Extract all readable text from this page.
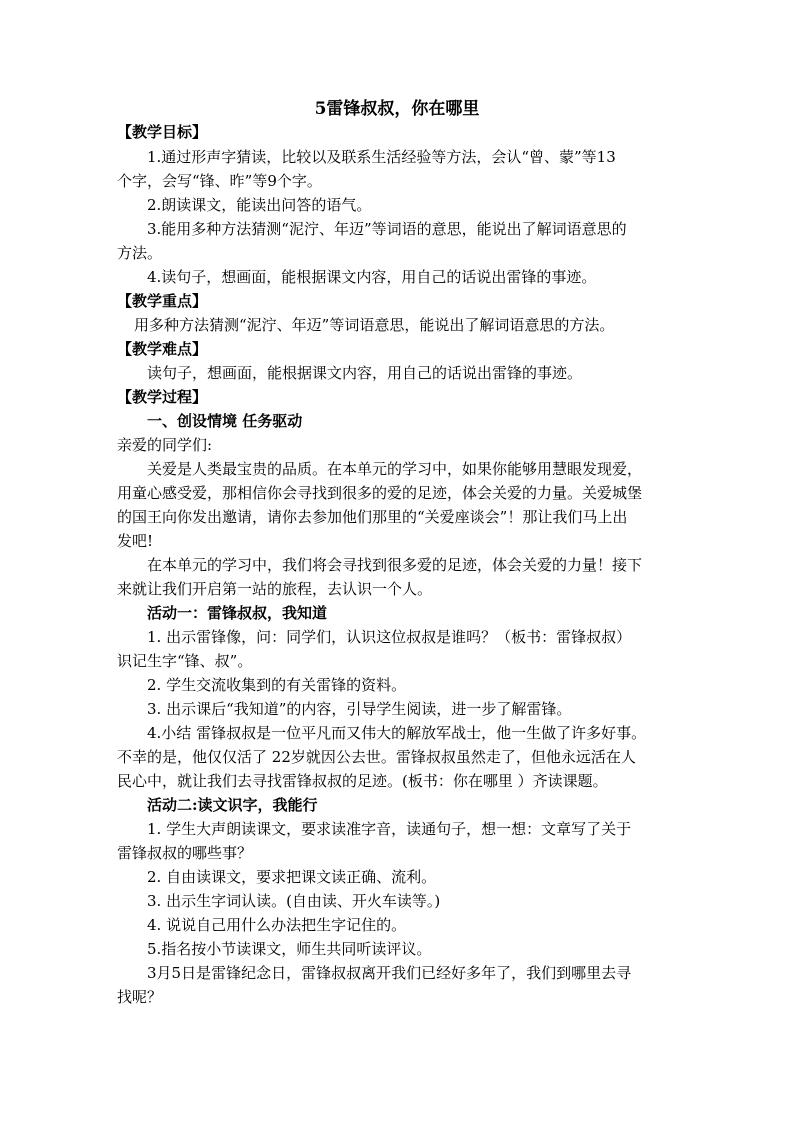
5雷锋叔叔，你在哪里
【教学目标】
1.通过形声字猜读，比较以及联系生活经验等方法，会认“曾、蒙”等13
个字，会写“锋、昨”等9个字。
2.朗读课文，能读出问答的语气。
3.能用多种方法猜测“泥泞、年迈”等词语的意思，能说出了解词语意思的
方法。
4.读句子，想画面，能根据课文内容，用自己的话说出雷锋的事迹。
【教学重点】
用多种方法猜测“泥泞、年迈”等词语意思，能说出了解词语意思的方法。
【教学难点】
读句子，想画面，能根据课文内容，用自己的话说出雷锋的事迹。
【教学过程】
一、创设情境 任务驱动
亲爱的同学们:
关爱是人类最宝贵的品质。在本单元的学习中，如果你能够用慧眼发现爱，
用童心感受爱，那相信你会寻找到很多的爱的足迹，体会关爱的力量。关爱城堡
的国王向你发出邀请，请你去参加他们那里的“关爱座谈会”！那让我们马上出
发吧!
在本单元的学习中，我们将会寻找到很多爱的足迹，体会关爱的力量！接下
来就让我们开启第一站的旅程，去认识一个人。
活动一：雷锋叔叔，我知道
1. 出示雷锋像，问：同学们，认识这位叔叔是谁吗？（板书：雷锋叔叔）
识记生字“锋、叔”。
2. 学生交流收集到的有关雷锋的资料。
3. 出示课后“我知道”的内容，引导学生阅读，进一步了解雷锋。
4.小结 雷锋叔叔是一位平凡而又伟大的解放军战士，他一生做了许多好事。
不幸的是，他仅仅活了 22岁就因公去世。雷锋叔叔虽然走了，但他永远活在人
民心中，就让我们去寻找雷锋叔叔的足迹。(板书：你在哪里 ）齐读课题。
活动二:读文识字，我能行
1. 学生大声朗读课文，要求读准字音，读通句子，想一想：文章写了关于
雷锋叔叔的哪些事？
2. 自由读课文，要求把课文读正确、流利。
3. 出示生字词认读。(自由读、开火车读等。)
4. 说说自己用什么办法把生字记住的。
5.指名按小节读课文，师生共同听读评议。
3月5日是雷锋纪念日，雷锋叔叔离开我们已经好多年了，我们到哪里去寻
找呢？
